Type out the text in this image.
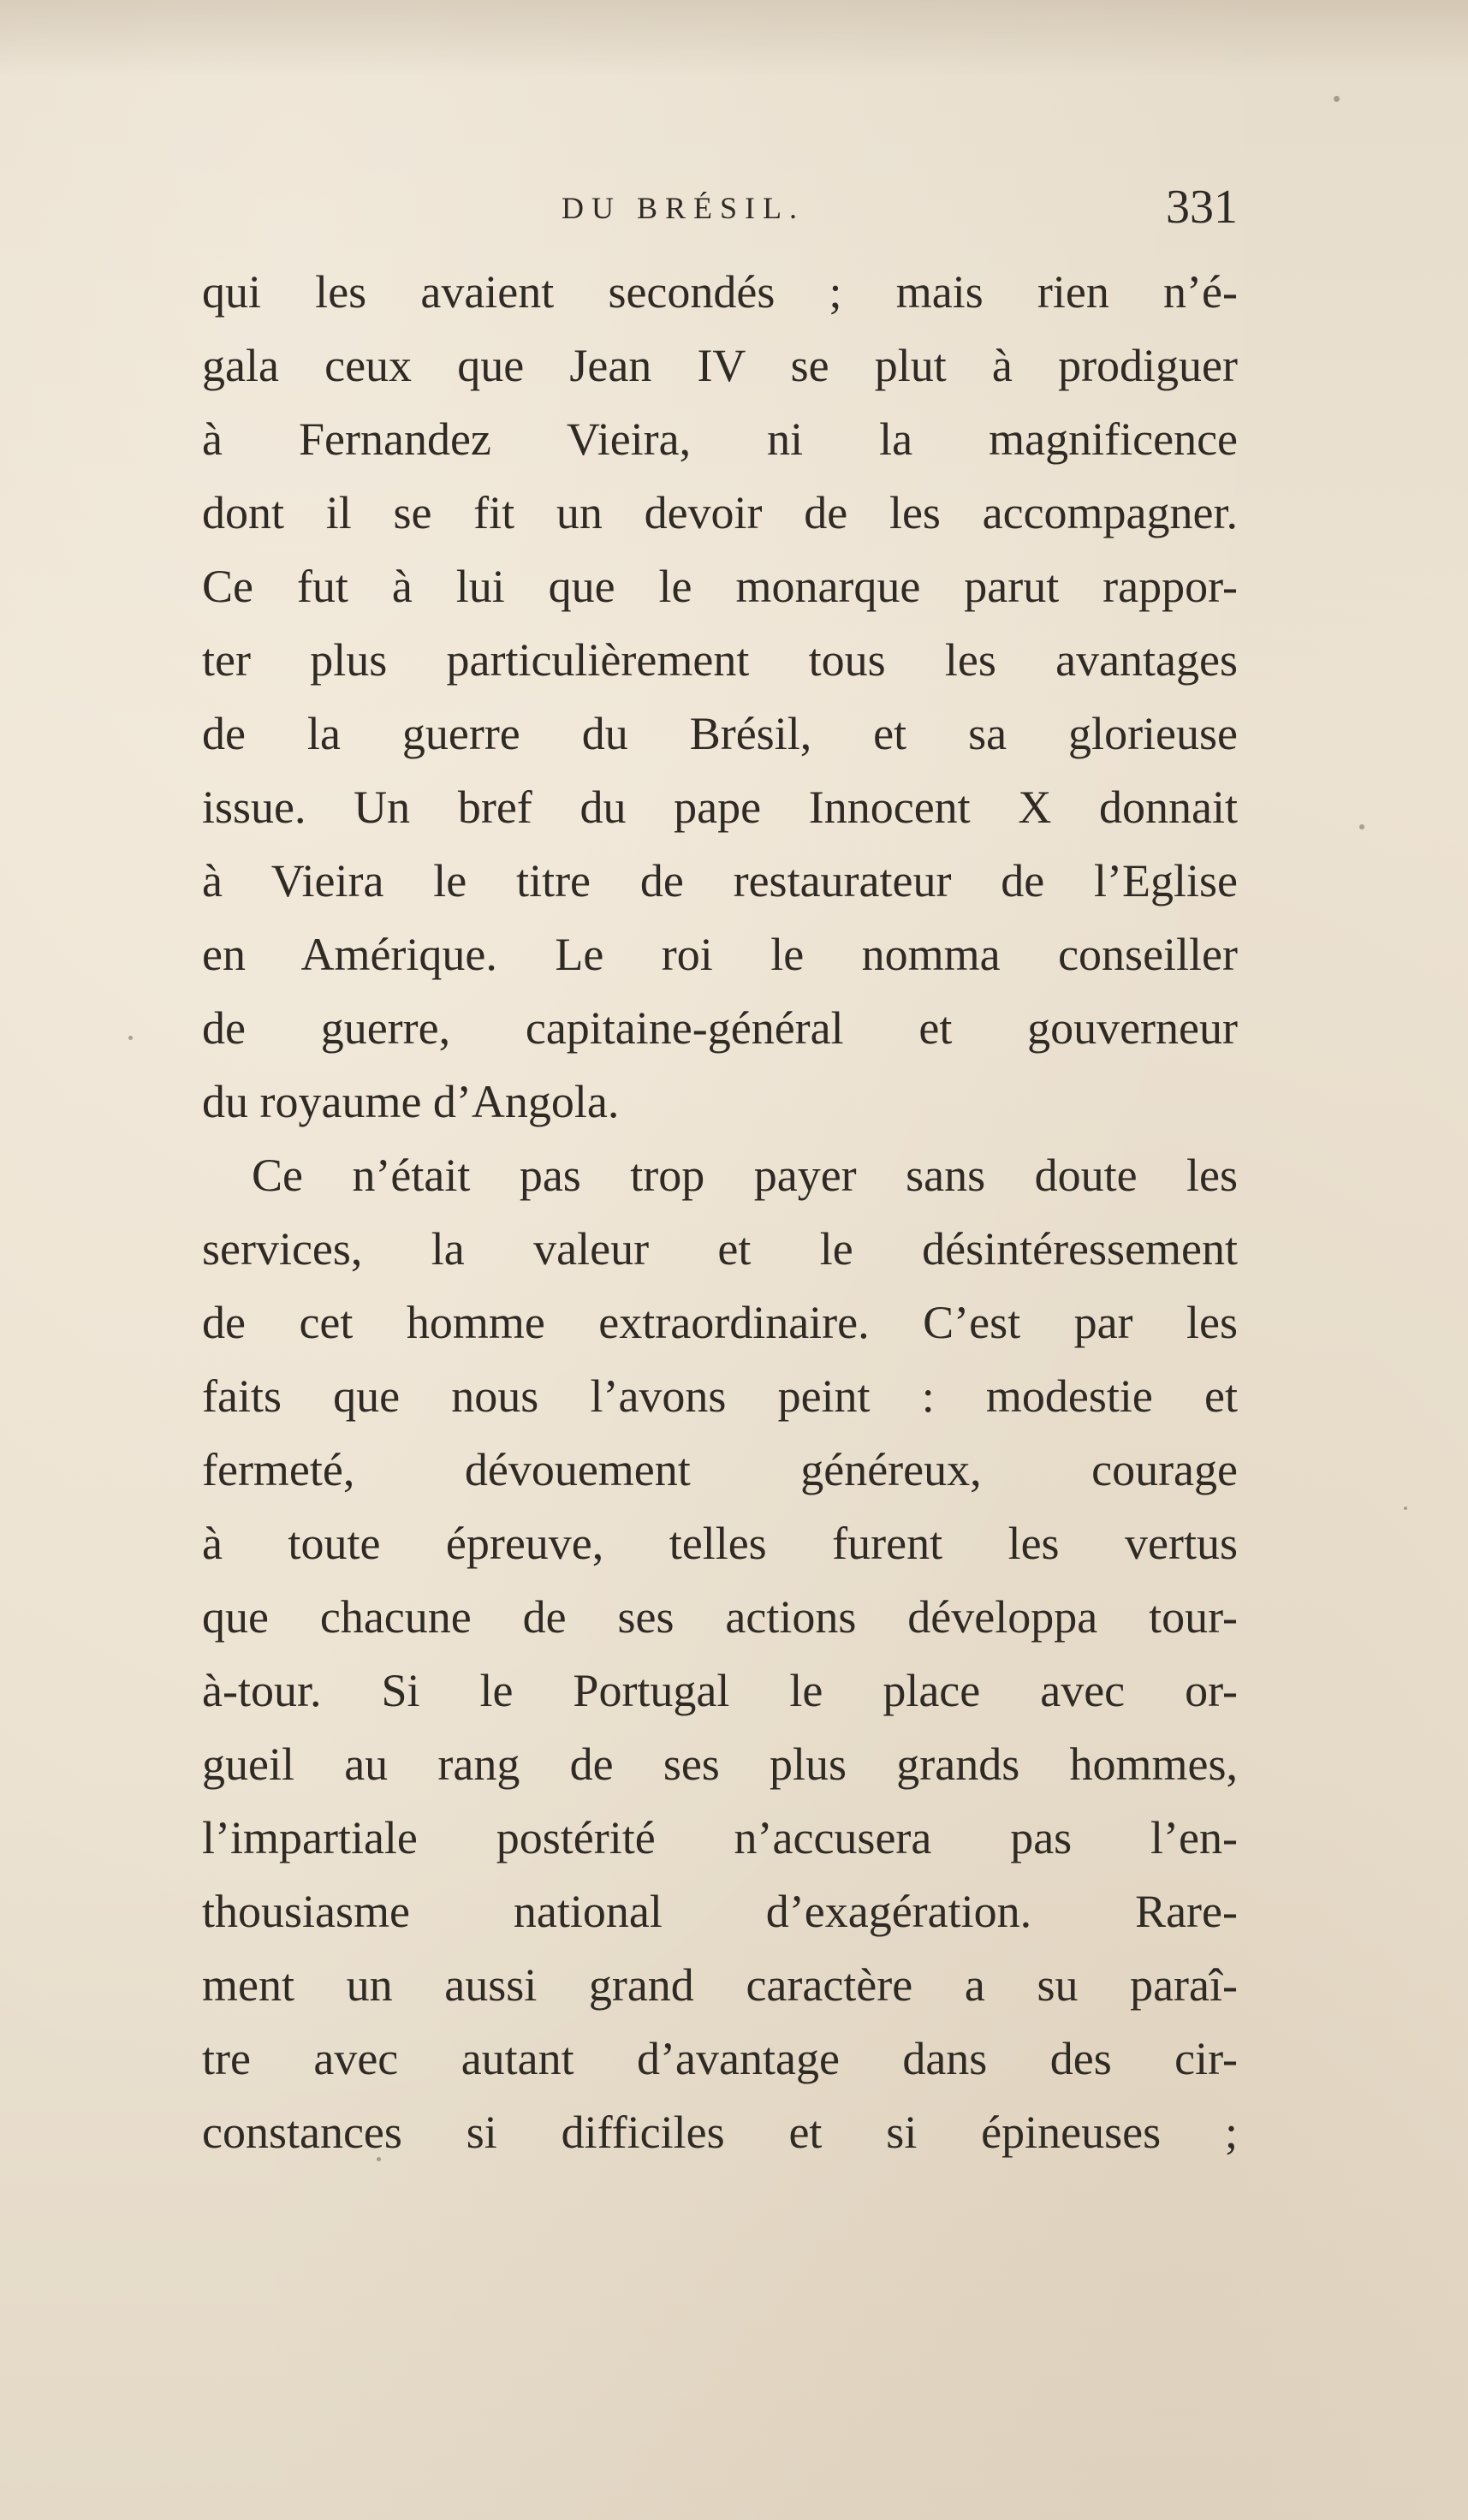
DU BRÉSIL.	331
qui les avaient secondés ; mais rien n’é-
gala ceux que Jean IV se plut à prodiguer
à Fernandez Vieira, ni la magnificence
dont il se fit un devoir de les accompagner.
Ce fut à lui que le monarque parut rappor-
ter plus particulièrement tous les avantages
de la guerre du Brésil, et sa glorieuse
issue. Un bref du pape Innocent X donnait
à Vieira le titre de restaurateur de l’Eglise
en Amérique. Le roi le nomma conseiller
de guerre, capitaine-général et gouverneur
du royaume d’Angola.
Ce n’était pas trop payer sans doute les
services, la valeur et le désintéressement
de cet homme extraordinaire. C’est par les
faits que nous l’avons peint : modestie et
fermeté, dévouement généreux, courage
à toute épreuve, telles furent les vertus
que chacune de ses actions développa tour-
à-tour. Si le Portugal le place avec or-
gueil au rang de ses plus grands hommes,
l’impartiale postérité n’accusera pas l’en-
thousiasme national d’exagération. Rare-
ment un aussi grand caractère a su paraî-
tre avec autant d’avantage dans des cir-
constances si difficiles et si épineuses ;
